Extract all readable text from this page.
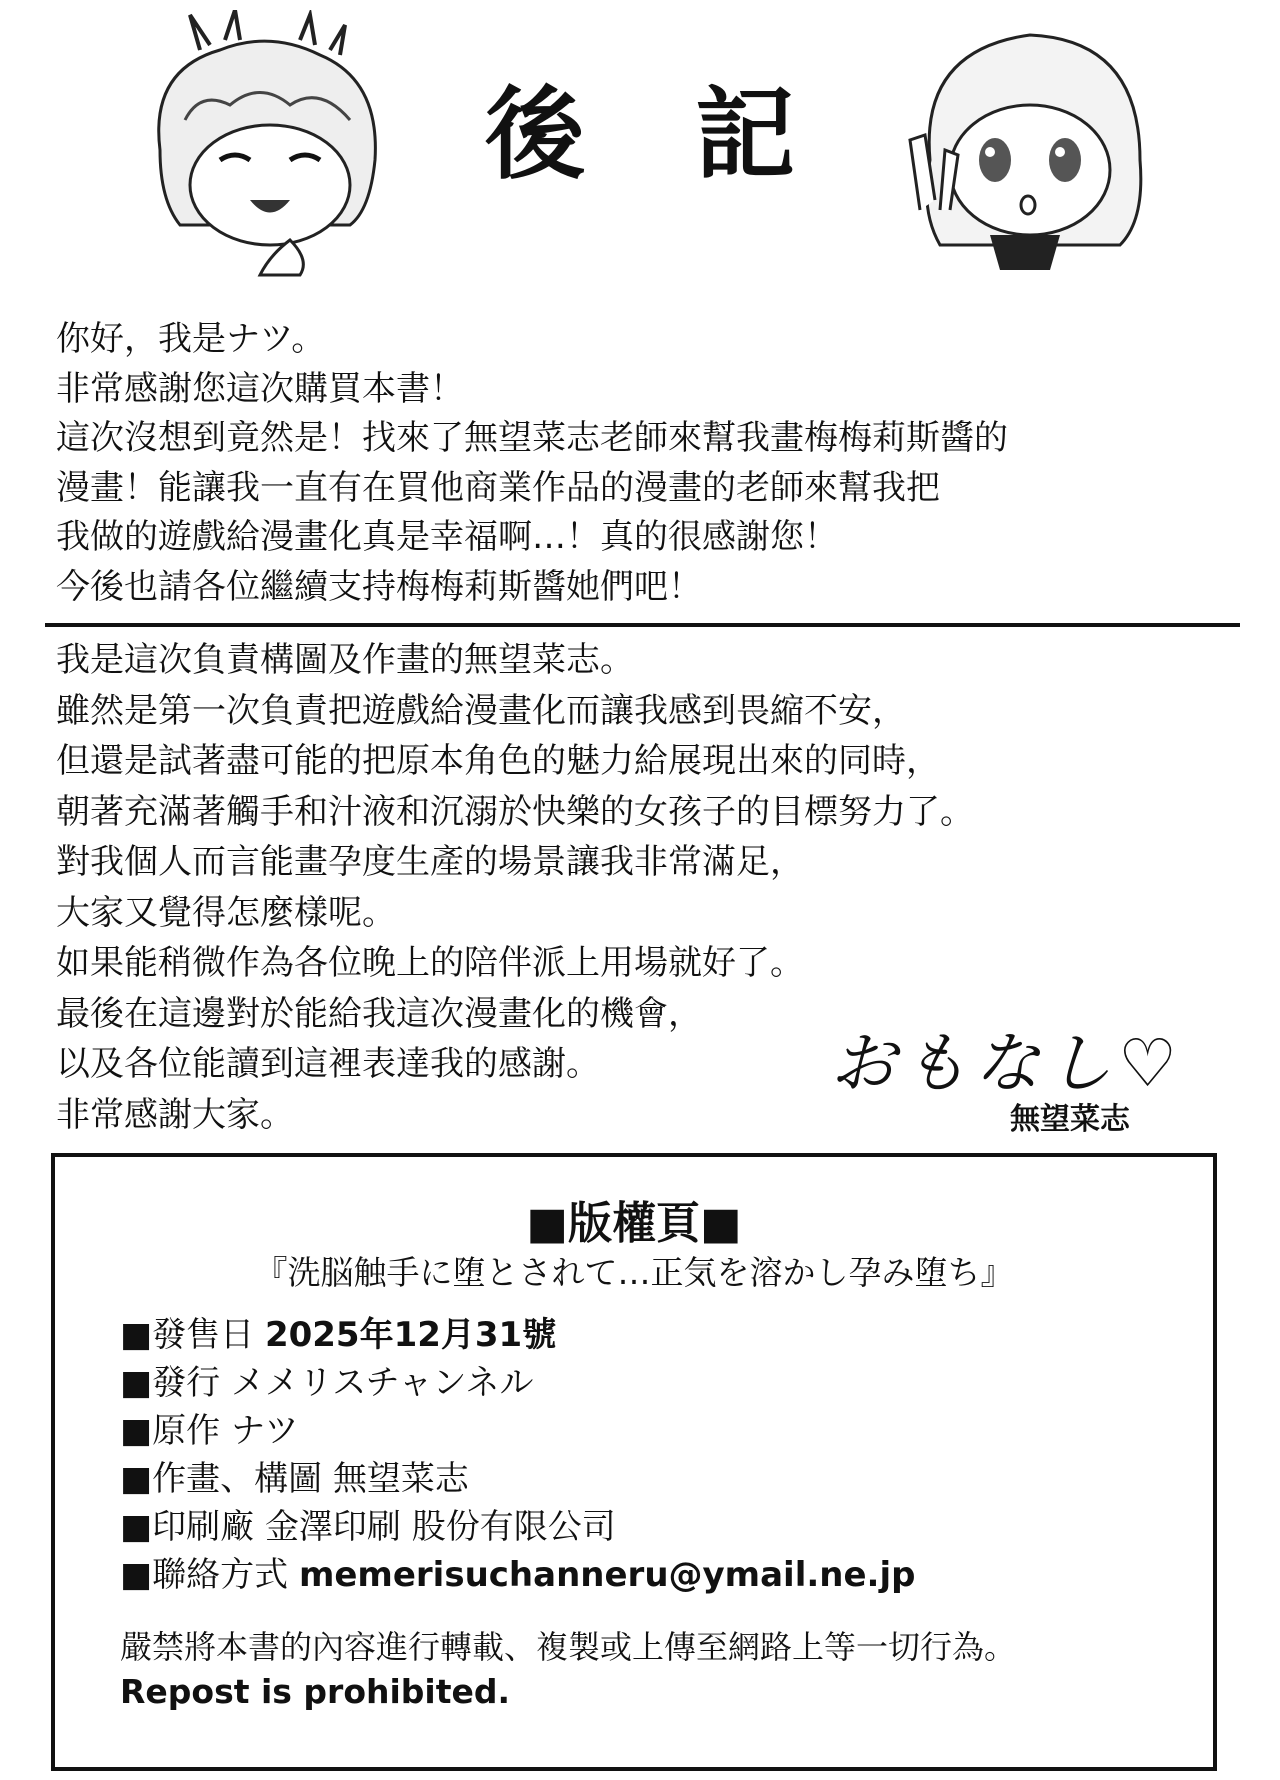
後記
你好，我是ナツ。
非常感謝您這次購買本書！
這次沒想到竟然是！找來了無望菜志老師來幫我畫梅梅莉斯醬的
漫畫！能讓我一直有在買他商業作品的漫畫的老師來幫我把
我做的遊戲給漫畫化真是幸福啊…！真的很感謝您！
今後也請各位繼續支持梅梅莉斯醬她們吧！
我是這次負責構圖及作畫的無望菜志。
雖然是第一次負責把遊戲給漫畫化而讓我感到畏縮不安，
但還是試著盡可能的把原本角色的魅力給展現出來的同時，
朝著充滿著觸手和汁液和沉溺於快樂的女孩子的目標努力了。
對我個人而言能畫孕度生產的場景讓我非常滿足，
大家又覺得怎麼樣呢。
如果能稍微作為各位晚上的陪伴派上用場就好了。
最後在這邊對於能給我這次漫畫化的機會，
以及各位能讀到這裡表達我的感謝。
非常感謝大家。
おもなし♡
無望菜志
■版權頁■
『洗脳触手に堕とされて…正気を溶かし孕み堕ち』
■發售日 2025年12月31號
■發行 メメリスチャンネル
■原作 ナツ
■作畫、構圖 無望菜志
■印刷廠 金澤印刷 股份有限公司
■聯絡方式 memerisuchanneru@ymail.ne.jp
嚴禁將本書的內容進行轉載、複製或上傳至網路上等一切行為。
Repost is prohibited.
